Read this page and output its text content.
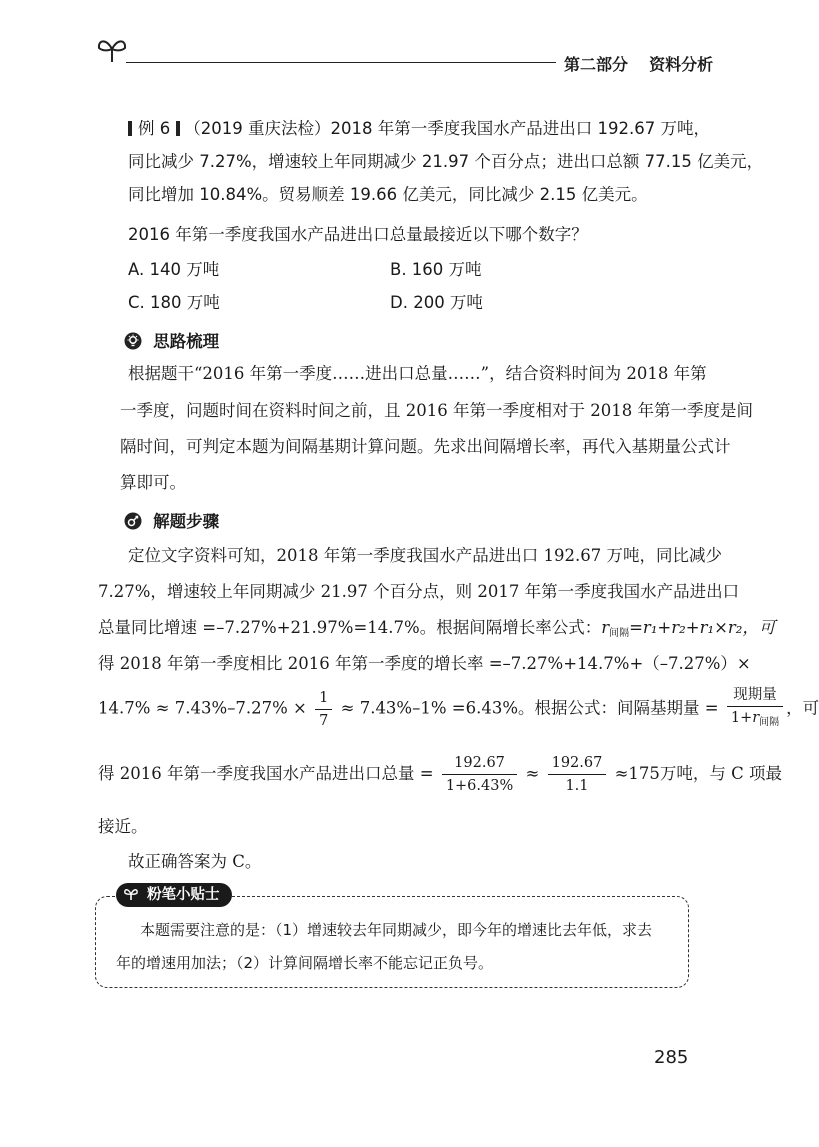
第二部分 资料分析
例 6 （2019 重庆法检）2018 年第一季度我国水产品进出口 192.67 万吨，
同比减少 7.27%，增速较上年同期减少 21.97 个百分点；进出口总额 77.15 亿美元，
同比增加 10.84%。贸易顺差 19.66 亿美元，同比减少 2.15 亿美元。
2016 年第一季度我国水产品进出口总量最接近以下哪个数字？
A. 140 万吨	B. 160 万吨
C. 180 万吨	D. 200 万吨
思路梳理
根据题干“2016 年第一季度……进出口总量……”，结合资料时间为 2018 年第
一季度，问题时间在资料时间之前，且 2016 年第一季度相对于 2018 年第一季度是间
隔时间，可判定本题为间隔基期计算问题。先求出间隔增长率，再代入基期量公式计
算即可。
解题步骤
定位文字资料可知，2018 年第一季度我国水产品进出口 192.67 万吨，同比减少
7.27%，增速较上年同期减少 21.97 个百分点，则 2017 年第一季度我国水产品进出口
总量同比增速 =–7.27%+21.97%=14.7%。根据间隔增长率公式：$r_{间隔}=r_1+r_2+r_1\times r_2$，可
得 2018 年第一季度相比 2016 年第一季度的增长率 =–7.27%+14.7%+（–7.27%）×
$14.7\% \approx 7.43\%-7.27\% \times \frac{1}{7} \approx 7.43\%-1\% =6.43\%$。根据公式：间隔基期量 = $\frac{\text{现期量}}{1+r_{间隔}}$ ，可
得 2016 年第一季度我国水产品进出口总量 = $\frac{192.67}{1+6.43\%} \approx \frac{192.67}{1.1} \approx 175$万吨，与 C 项最
接近。
故正确答案为 C。
粉笔小贴士
本题需要注意的是：（1）增速较去年同期减少，即今年的增速比去年低，求去
年的增速用加法；（2）计算间隔增长率不能忘记正负号。
285
